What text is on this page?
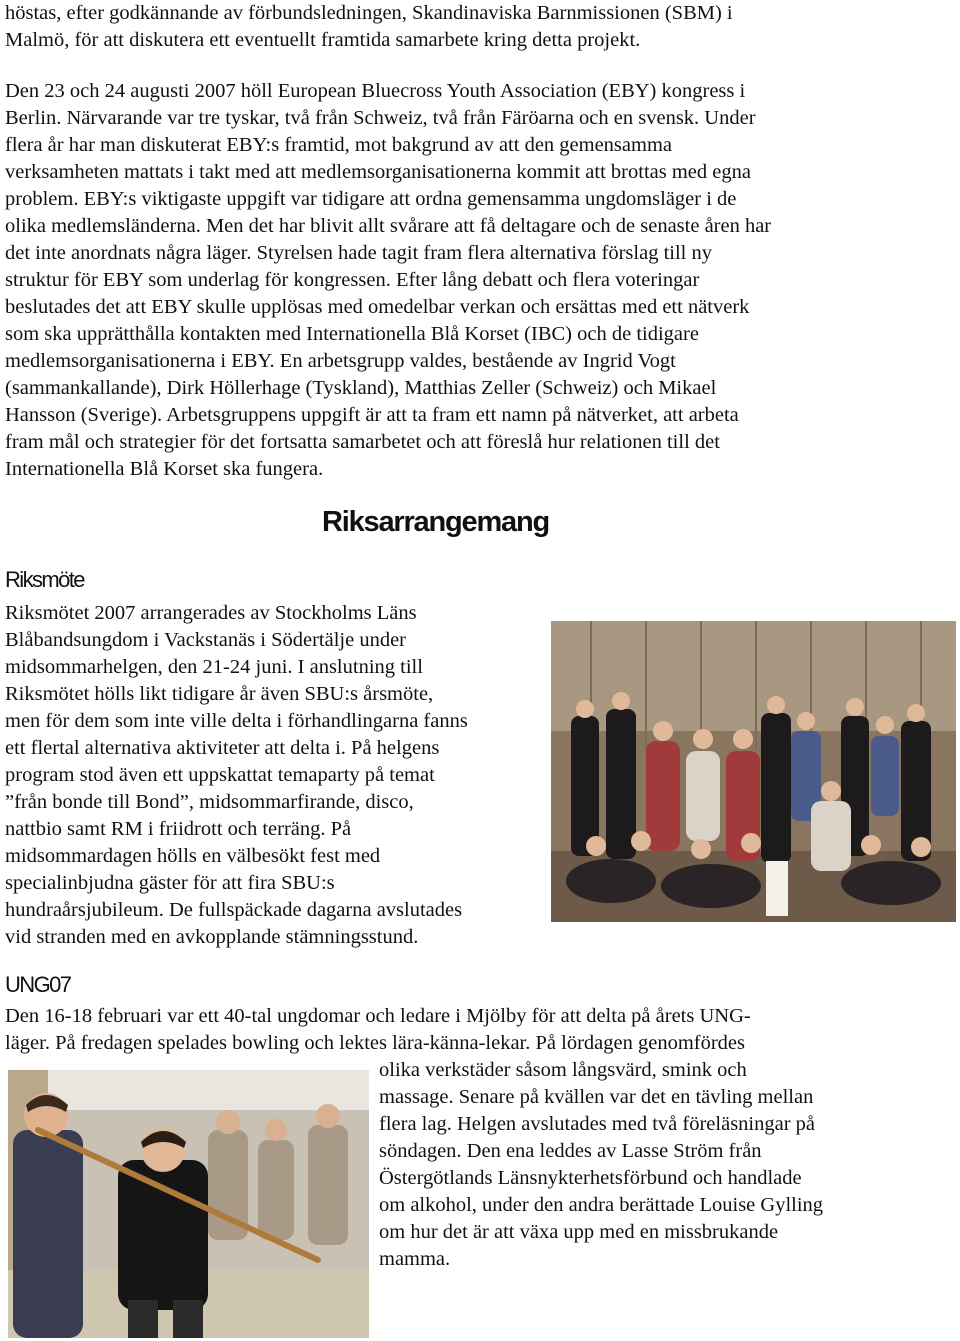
höstas, efter godkännande av förbundsledningen, Skandinaviska Barnmissionen (SBM) i
Malmö, för att diskutera ett eventuellt framtida samarbete kring detta projekt.
Den 23 och 24 augusti 2007 höll European Bluecross Youth Association (EBY) kongress i
Berlin. Närvarande var tre tyskar, två från Schweiz, två från Färöarna och en svensk. Under
flera år har man diskuterat EBY:s framtid, mot bakgrund av att den gemensamma
verksamheten mattats i takt med att medlemsorganisationerna kommit att brottas med egna
problem. EBY:s viktigaste uppgift var tidigare att ordna gemensamma ungdomsläger i de
olika medlemsländerna. Men det har blivit allt svårare att få deltagare och de senaste åren har
det inte anordnats några läger. Styrelsen hade tagit fram flera alternativa förslag till ny
struktur för EBY som underlag för kongressen. Efter lång debatt och flera voteringar
beslutades det att EBY skulle upplösas med omedelbar verkan och ersättas med ett nätverk
som ska upprätthålla kontakten med Internationella Blå Korset (IBC) och de tidigare
medlemsorganisationerna i EBY. En arbetsgrupp valdes, bestående av Ingrid Vogt
(sammankallande), Dirk Höllerhage (Tyskland), Matthias Zeller (Schweiz) och Mikael
Hansson (Sverige). Arbetsgruppens uppgift är att ta fram ett namn på nätverket, att arbeta
fram mål och strategier för det fortsatta samarbetet och att föreslå hur relationen till det
Internationella Blå Korset ska fungera.
Riksarrangemang
Riksmöte
Riksmötet 2007 arrangerades av Stockholms Läns
Blåbandsungdom i Vackstanäs i Södertälje under
midsommarhelgen, den 21-24 juni. I anslutning till
Riksmötet hölls likt tidigare år även SBU:s årsmöte,
men för dem som inte ville delta i förhandlingarna fanns
ett flertal alternativa aktiviteter att delta i. På helgens
program stod även ett uppskattat temaparty på temat
”från bonde till Bond”, midsommarfirande, disco,
nattbio samt RM i friidrott och terräng. På
midsommardagen hölls en välbesökt fest med
specialinbjudna gäster för att fira SBU:s
hundraårsjubileum. De fullspäckade dagarna avslutades
vid stranden med en avkopplande stämningsstund.
UNG07
Den 16-18 februari var ett 40-tal ungdomar och ledare i Mjölby för att delta på årets UNG-
läger. På fredagen spelades bowling och lektes lära-känna-lekar. På lördagen genomfördes
olika verkstäder såsom långsvärd, smink och
massage. Senare på kvällen var det en tävling mellan
flera lag. Helgen avslutades med två föreläsningar på
söndagen. Den ena leddes av Lasse Ström från
Östergötlands Länsnykterhetsförbund och handlade
om alkohol, under den andra berättade Louise Gylling
om hur det är att växa upp med en missbrukande
mamma.
